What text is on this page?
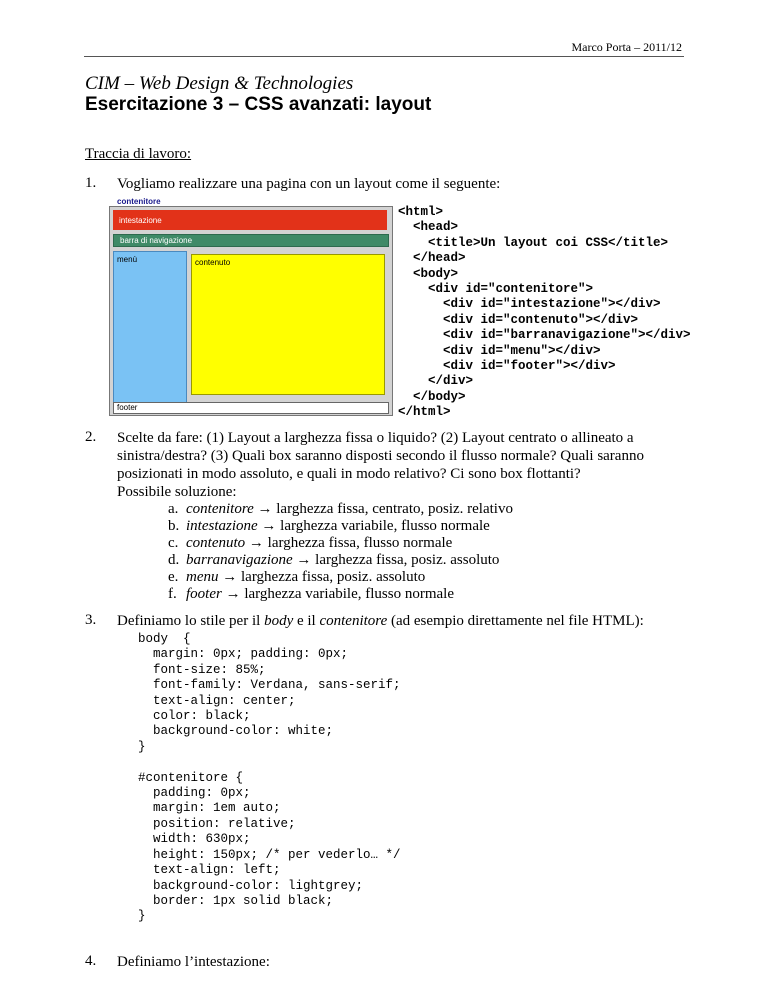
Marco Porta – 2011/12
CIM – Web Design & Technologies
Esercitazione 3 – CSS avanzati: layout
Traccia di lavoro:
1. Vogliamo realizzare una pagina con un layout come il seguente:
contenitore
intestazione
barra di navigazione
menù	contenuto
footer
<html>
<head>
<title>Un layout coi CSS</title>
</head>
<body>
<div id="contenitore">
<div id="intestazione"></div>
<div id="contenuto"></div>
<div id="barranavigazione"></div>
<div id="menu"></div>
<div id="footer"></div>
</div>
</body>
</html>
2. Scelte da fare: (1) Layout a larghezza fissa o liquido? (2) Layout centrato o allineato a
sinistra/destra? (3) Quali box saranno disposti secondo il flusso normale? Quali saranno
posizionati in modo assoluto, e quali in modo relativo? Ci sono box flottanti?
Possibile soluzione:
a. contenitore → larghezza fissa, centrato, posiz. relativo
b. intestazione → larghezza variabile, flusso normale
c. contenuto → larghezza fissa, flusso normale
d. barranavigazione → larghezza fissa, posiz. assoluto
e. menu → larghezza fissa, posiz. assoluto
f. footer → larghezza variabile, flusso normale
3. Definiamo lo stile per il body e il contenitore (ad esempio direttamente nel file HTML):
body  {
margin: 0px; padding: 0px;
font-size: 85%;
font-family: Verdana, sans-serif;
text-align: center;
color: black;
background-color: white;
}

#contenitore {
padding: 0px;
margin: 1em auto;
position: relative;
width: 630px;
height: 150px; /* per vederlo… */
text-align: left;
background-color: lightgrey;
border: 1px solid black;
}
4. Definiamo l’intestazione:
